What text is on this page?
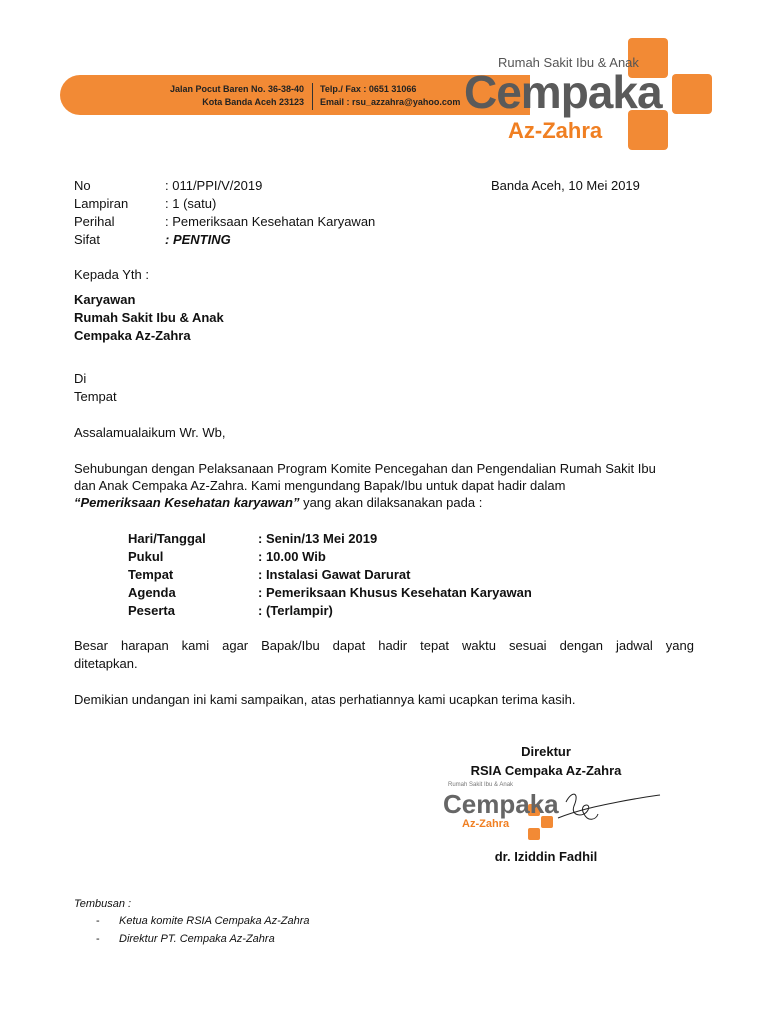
Jalan Pocut Baren No. 36-38-40
Kota Banda Aceh 23123
Telp./ Fax : 0651 31066
Email : rsu_azzahra@yahoo.com
Rumah Sakit Ibu & Anak
Cempaka
Az-Zahra
No	: 011/PPI/V/2019	Banda Aceh, 10 Mei 2019
Lampiran	: 1 (satu)
Perihal	: Pemeriksaan Kesehatan Karyawan
Sifat	: PENTING
Kepada Yth :
Karyawan
Rumah Sakit Ibu & Anak
Cempaka Az-Zahra
Di
Tempat
Assalamualaikum Wr. Wb,
Sehubungan dengan Pelaksanaan Program Komite Pencegahan dan Pengendalian Rumah Sakit Ibu
dan Anak Cempaka Az-Zahra. Kami mengundang Bapak/Ibu untuk dapat hadir dalam
“Pemeriksaan Kesehatan karyawan” yang akan dilaksanakan pada :
Hari/Tanggal	: Senin/13 Mei 2019
Pukul	: 10.00 Wib
Tempat	: Instalasi Gawat Darurat
Agenda	: Pemeriksaan Khusus Kesehatan Karyawan
Peserta	: (Terlampir)
Besar harapan kami agar Bapak/Ibu dapat hadir tepat waktu sesuai dengan jadwal yang
ditetapkan.
Demikian undangan ini kami sampaikan, atas perhatiannya kami ucapkan terima kasih.
Direktur
RSIA Cempaka Az-Zahra
Rumah Sakit Ibu & Anak
Cempaka
Az-Zahra
dr. Iziddin Fadhil
Tembusan :
- Ketua komite RSIA Cempaka Az-Zahra
- Direktur PT. Cempaka Az-Zahra
